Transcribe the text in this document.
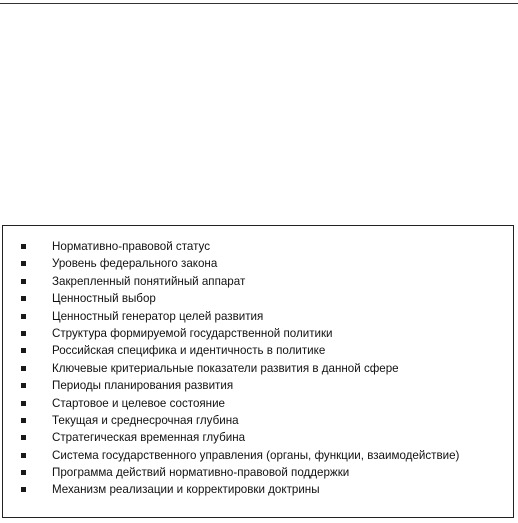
Нормативно-правовой статус
Уровень федерального закона
Закрепленный понятийный аппарат
Ценностный выбор
Ценностный генератор целей развития
Структура формируемой государственной политики
Российская специфика и идентичность в политике
Ключевые критериальные показатели развития в данной сфере
Периоды планирования развития
Стартовое и целевое состояние
Текущая и среднесрочная глубина
Стратегическая временная глубина
Система государственного управления (органы, функции, взаимодействие)
Программа действий нормативно-правовой поддержки
Механизм реализации и корректировки доктрины
